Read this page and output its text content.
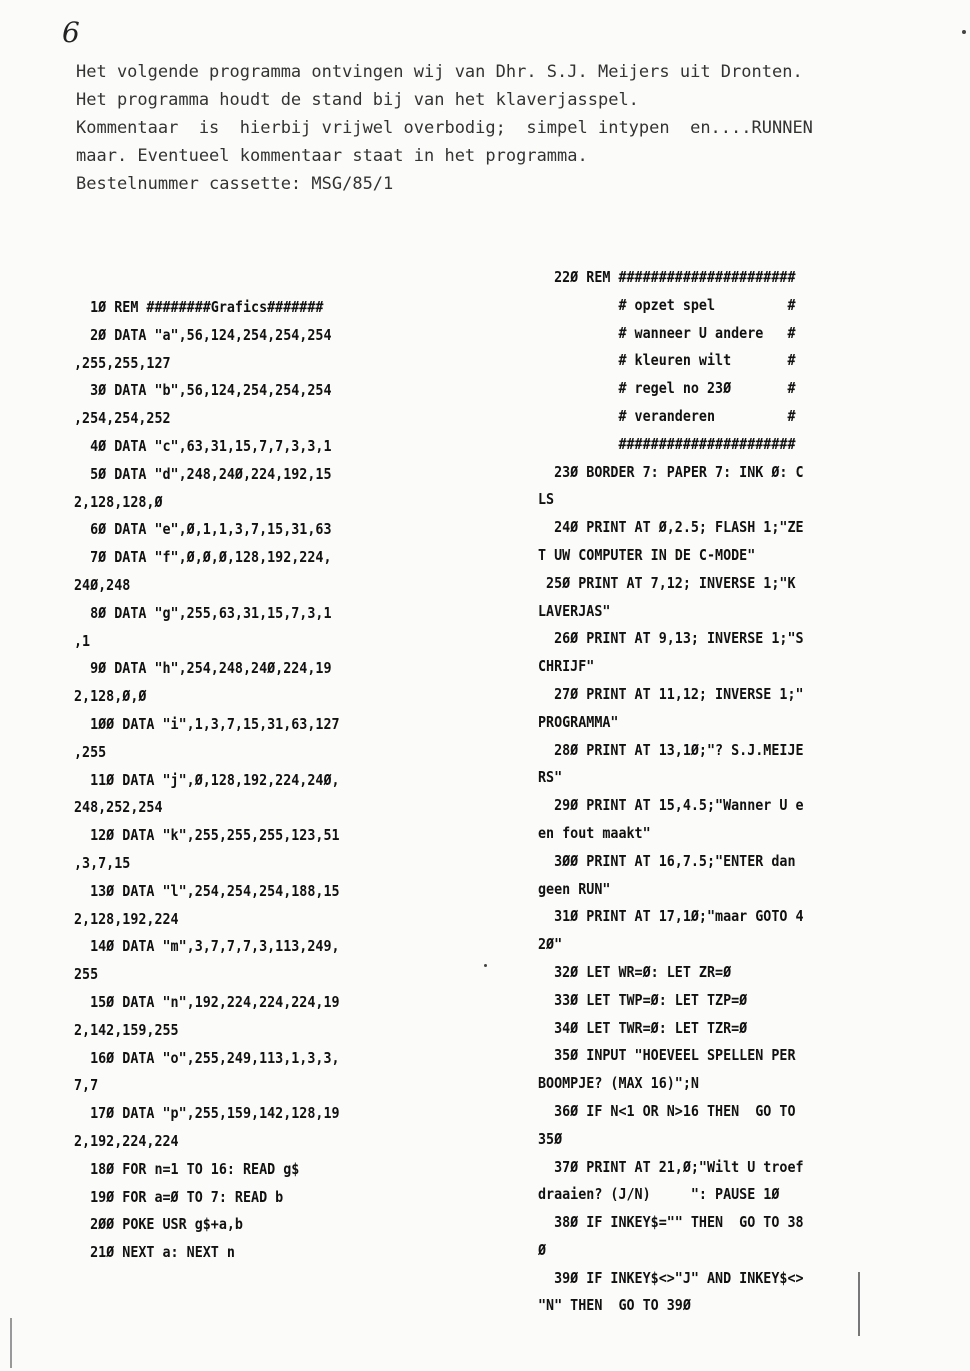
6
Het volgende programma ontvingen wij van Dhr. S.J. Meijers uit Dronten.
Het programma houdt de stand bij van het klaverjasspel.
Kommentaar  is  hierbij vrijwel overbodig;  simpel intypen  en....RUNNEN
maar. Eventueel kommentaar staat in het programma.
Bestelnummer cassette: MSG/85/1
1Ø REM ########Grafics#######
2Ø DATA "a",56,124,254,254,254
,255,255,127
3Ø DATA "b",56,124,254,254,254
,254,254,252
4Ø DATA "c",63,31,15,7,7,3,3,1
5Ø DATA "d",248,24Ø,224,192,15
2,128,128,Ø
6Ø DATA "e",Ø,1,1,3,7,15,31,63
7Ø DATA "f",Ø,Ø,Ø,128,192,224,
24Ø,248
8Ø DATA "g",255,63,31,15,7,3,1
,1
9Ø DATA "h",254,248,24Ø,224,19
2,128,Ø,Ø
1ØØ DATA "i",1,3,7,15,31,63,127
,255
11Ø DATA "j",Ø,128,192,224,24Ø,
248,252,254
12Ø DATA "k",255,255,255,123,51
,3,7,15
13Ø DATA "l",254,254,254,188,15
2,128,192,224
14Ø DATA "m",3,7,7,7,3,113,249,
255
15Ø DATA "n",192,224,224,224,19
2,142,159,255
16Ø DATA "o",255,249,113,1,3,3,
7,7
17Ø DATA "p",255,159,142,128,19
2,192,224,224
18Ø FOR n=1 TO 16: READ g$
19Ø FOR a=Ø TO 7: READ b
2ØØ POKE USR g$+a,b
21Ø NEXT a: NEXT n
22Ø REM ######################
# opzet spel         #
# wanneer U andere   #
# kleuren wilt       #
# regel no 23Ø       #
# veranderen         #
######################
23Ø BORDER 7: PAPER 7: INK Ø: C
LS
24Ø PRINT AT Ø,2.5; FLASH 1;"ZE
T UW COMPUTER IN DE C-MODE"
25Ø PRINT AT 7,12; INVERSE 1;"K
LAVERJAS"
26Ø PRINT AT 9,13; INVERSE 1;"S
CHRIJF"
27Ø PRINT AT 11,12; INVERSE 1;"
PROGRAMMA"
28Ø PRINT AT 13,1Ø;"? S.J.MEIJE
RS"
29Ø PRINT AT 15,4.5;"Wanner U e
en fout maakt"
3ØØ PRINT AT 16,7.5;"ENTER dan
geen RUN"
31Ø PRINT AT 17,1Ø;"maar GOTO 4
2Ø"
32Ø LET WR=Ø: LET ZR=Ø
33Ø LET TWP=Ø: LET TZP=Ø
34Ø LET TWR=Ø: LET TZR=Ø
35Ø INPUT "HOEVEEL SPELLEN PER
BOOMPJE? (MAX 16)";N
36Ø IF N<1 OR N>16 THEN  GO TO
35Ø
37Ø PRINT AT 21,Ø;"Wilt U troef
draaien? (J/N)     ": PAUSE 1Ø
38Ø IF INKEY$="" THEN  GO TO 38
Ø
39Ø IF INKEY$<>"J" AND INKEY$<>
"N" THEN  GO TO 39Ø
